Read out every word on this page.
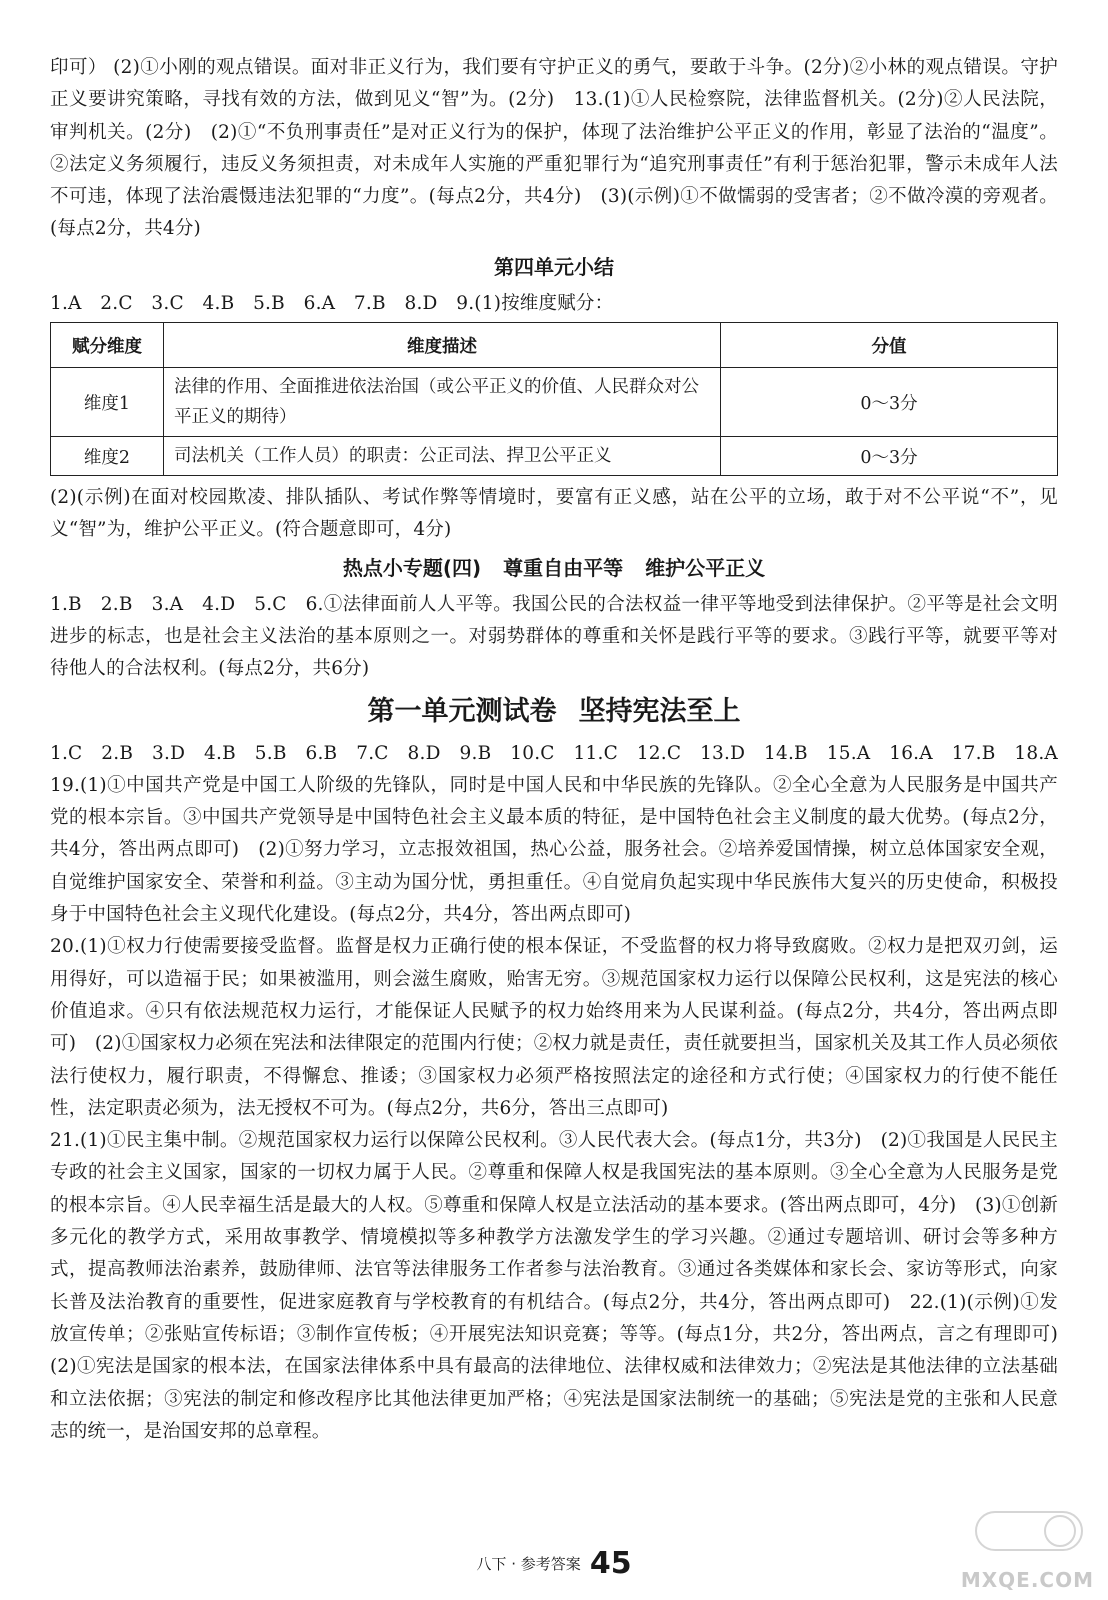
印可） (2)①小刚的观点错误。面对非正义行为，我们要有守护正义的勇气，要敢于斗争。(2分)②小林的观点错误。守护正义要讲究策略，寻找有效的方法，做到见义“智”为。(2分)　13.(1)①人民检察院，法律监督机关。(2分)②人民法院，审判机关。(2分)　(2)①“不负刑事责任”是对正义行为的保护，体现了法治维护公平正义的作用，彰显了法治的“温度”。②法定义务须履行，违反义务须担责，对未成年人实施的严重犯罪行为“追究刑事责任”有利于惩治犯罪，警示未成年人法不可违，体现了法治震慑违法犯罪的“力度”。(每点2分，共4分)　(3)(示例)①不做懦弱的受害者；②不做冷漠的旁观者。(每点2分，共4分)

第四单元小结

1.A　2.C　3.C　4.B　5.B　6.A　7.B　8.D　9.(1)按维度赋分：

赋分维度	维度描述	分值
维度1	法律的作用、全面推进依法治国（或公平正义的价值、人民群众对公平正义的期待）	0～3分
维度2	司法机关（工作人员）的职责：公正司法、捍卫公平正义	0～3分

(2)(示例)在面对校园欺凌、排队插队、考试作弊等情境时，要富有正义感，站在公平的立场，敢于对不公平说“不”，见义“智”为，维护公平正义。(符合题意即可，4分)

热点小专题(四) 尊重自由平等 维护公平正义

1.B　2.B　3.A　4.D　5.C　6.①法律面前人人平等。我国公民的合法权益一律平等地受到法律保护。②平等是社会文明进步的标志，也是社会主义法治的基本原则之一。对弱势群体的尊重和关怀是践行平等的要求。③践行平等，就要平等对待他人的合法权利。(每点2分，共6分)

第一单元测试卷 坚持宪法至上

1.C　2.B　3.D　4.B　5.B　6.B　7.C　8.D　9.B　10.C　11.C　12.C　13.D　14.B　15.A　16.A　17.B　18.A　19.(1)①中国共产党是中国工人阶级的先锋队，同时是中国人民和中华民族的先锋队。②全心全意为人民服务是中国共产党的根本宗旨。③中国共产党领导是中国特色社会主义最本质的特征，是中国特色社会主义制度的最大优势。(每点2分，共4分，答出两点即可)　(2)①努力学习，立志报效祖国，热心公益，服务社会。②培养爱国情操，树立总体国家安全观，自觉维护国家安全、荣誉和利益。③主动为国分忧，勇担重任。④自觉肩负起实现中华民族伟大复兴的历史使命，积极投身于中国特色社会主义现代化建设。(每点2分，共4分，答出两点即可)

20.(1)①权力行使需要接受监督。监督是权力正确行使的根本保证，不受监督的权力将导致腐败。②权力是把双刃剑，运用得好，可以造福于民；如果被滥用，则会滋生腐败，贻害无穷。③规范国家权力运行以保障公民权利，这是宪法的核心价值追求。④只有依法规范权力运行，才能保证人民赋予的权力始终用来为人民谋利益。(每点2分，共4分，答出两点即可)　(2)①国家权力必须在宪法和法律限定的范围内行使；②权力就是责任，责任就要担当，国家机关及其工作人员必须依法行使权力，履行职责，不得懈怠、推诿；③国家权力必须严格按照法定的途径和方式行使；④国家权力的行使不能任性，法定职责必须为，法无授权不可为。(每点2分，共6分，答出三点即可)

21.(1)①民主集中制。②规范国家权力运行以保障公民权利。③人民代表大会。(每点1分，共3分)　(2)①我国是人民民主专政的社会主义国家，国家的一切权力属于人民。②尊重和保障人权是我国宪法的基本原则。③全心全意为人民服务是党的根本宗旨。④人民幸福生活是最大的人权。⑤尊重和保障人权是立法活动的基本要求。(答出两点即可，4分)　(3)①创新多元化的教学方式，采用故事教学、情境模拟等多种教学方法激发学生的学习兴趣。②通过专题培训、研讨会等多种方式，提高教师法治素养，鼓励律师、法官等法律服务工作者参与法治教育。③通过各类媒体和家长会、家访等形式，向家长普及法治教育的重要性，促进家庭教育与学校教育的有机结合。(每点2分，共4分，答出两点即可)　22.(1)(示例)①发放宣传单；②张贴宣传标语；③制作宣传板；④开展宪法知识竞赛；等等。(每点1分，共2分，答出两点，言之有理即可)　(2)①宪法是国家的根本法，在国家法律体系中具有最高的法律地位、法律权威和法律效力；②宪法是其他法律的立法基础和立法依据；③宪法的制定和修改程序比其他法律更加严格；④宪法是国家法制统一的基础；⑤宪法是党的主张和人民意志的统一，是治国安邦的总章程。

八下 · 参考答案 45	MXQE.COM
